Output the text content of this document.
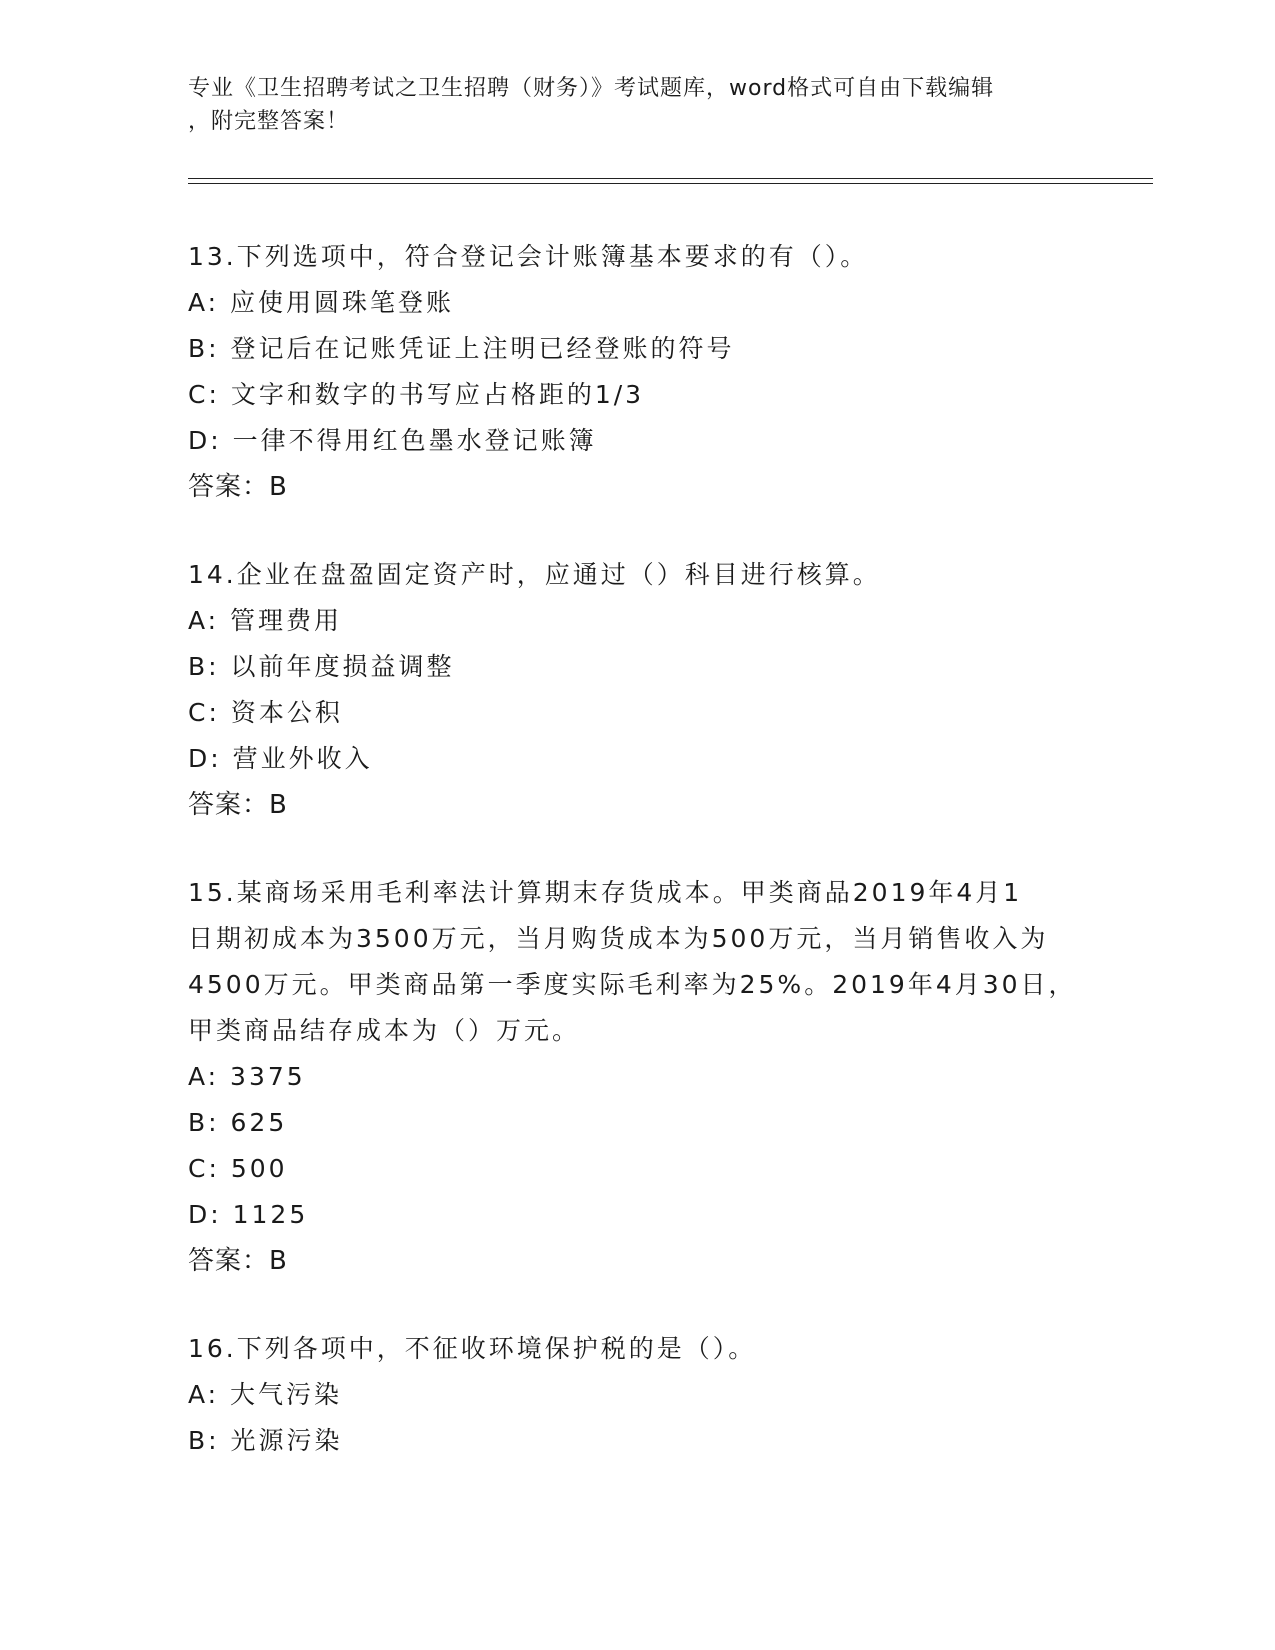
专业《卫生招聘考试之卫生招聘（财务）》考试题库，word格式可自由下载编辑
，附完整答案！

13.下列选项中，符合登记会计账簿基本要求的有（）。

A: 应使用圆珠笔登账

B: 登记后在记账凭证上注明已经登账的符号

C: 文字和数字的书写应占格距的1/3

D: 一律不得用红色墨水登记账簿

答案：B

14.企业在盘盈固定资产时，应通过（）科目进行核算。

A: 管理费用

B: 以前年度损益调整

C: 资本公积

D: 营业外收入

答案：B

15.某商场采用毛利率法计算期末存货成本。甲类商品2019年4月1

日期初成本为3500万元，当月购货成本为500万元，当月销售收入为

4500万元。甲类商品第一季度实际毛利率为25%。2019年4月30日，

甲类商品结存成本为（）万元。

A: 3375

B: 625

C: 500

D: 1125

答案：B

16.下列各项中，不征收环境保护税的是（）。

A: 大气污染

B: 光源污染
